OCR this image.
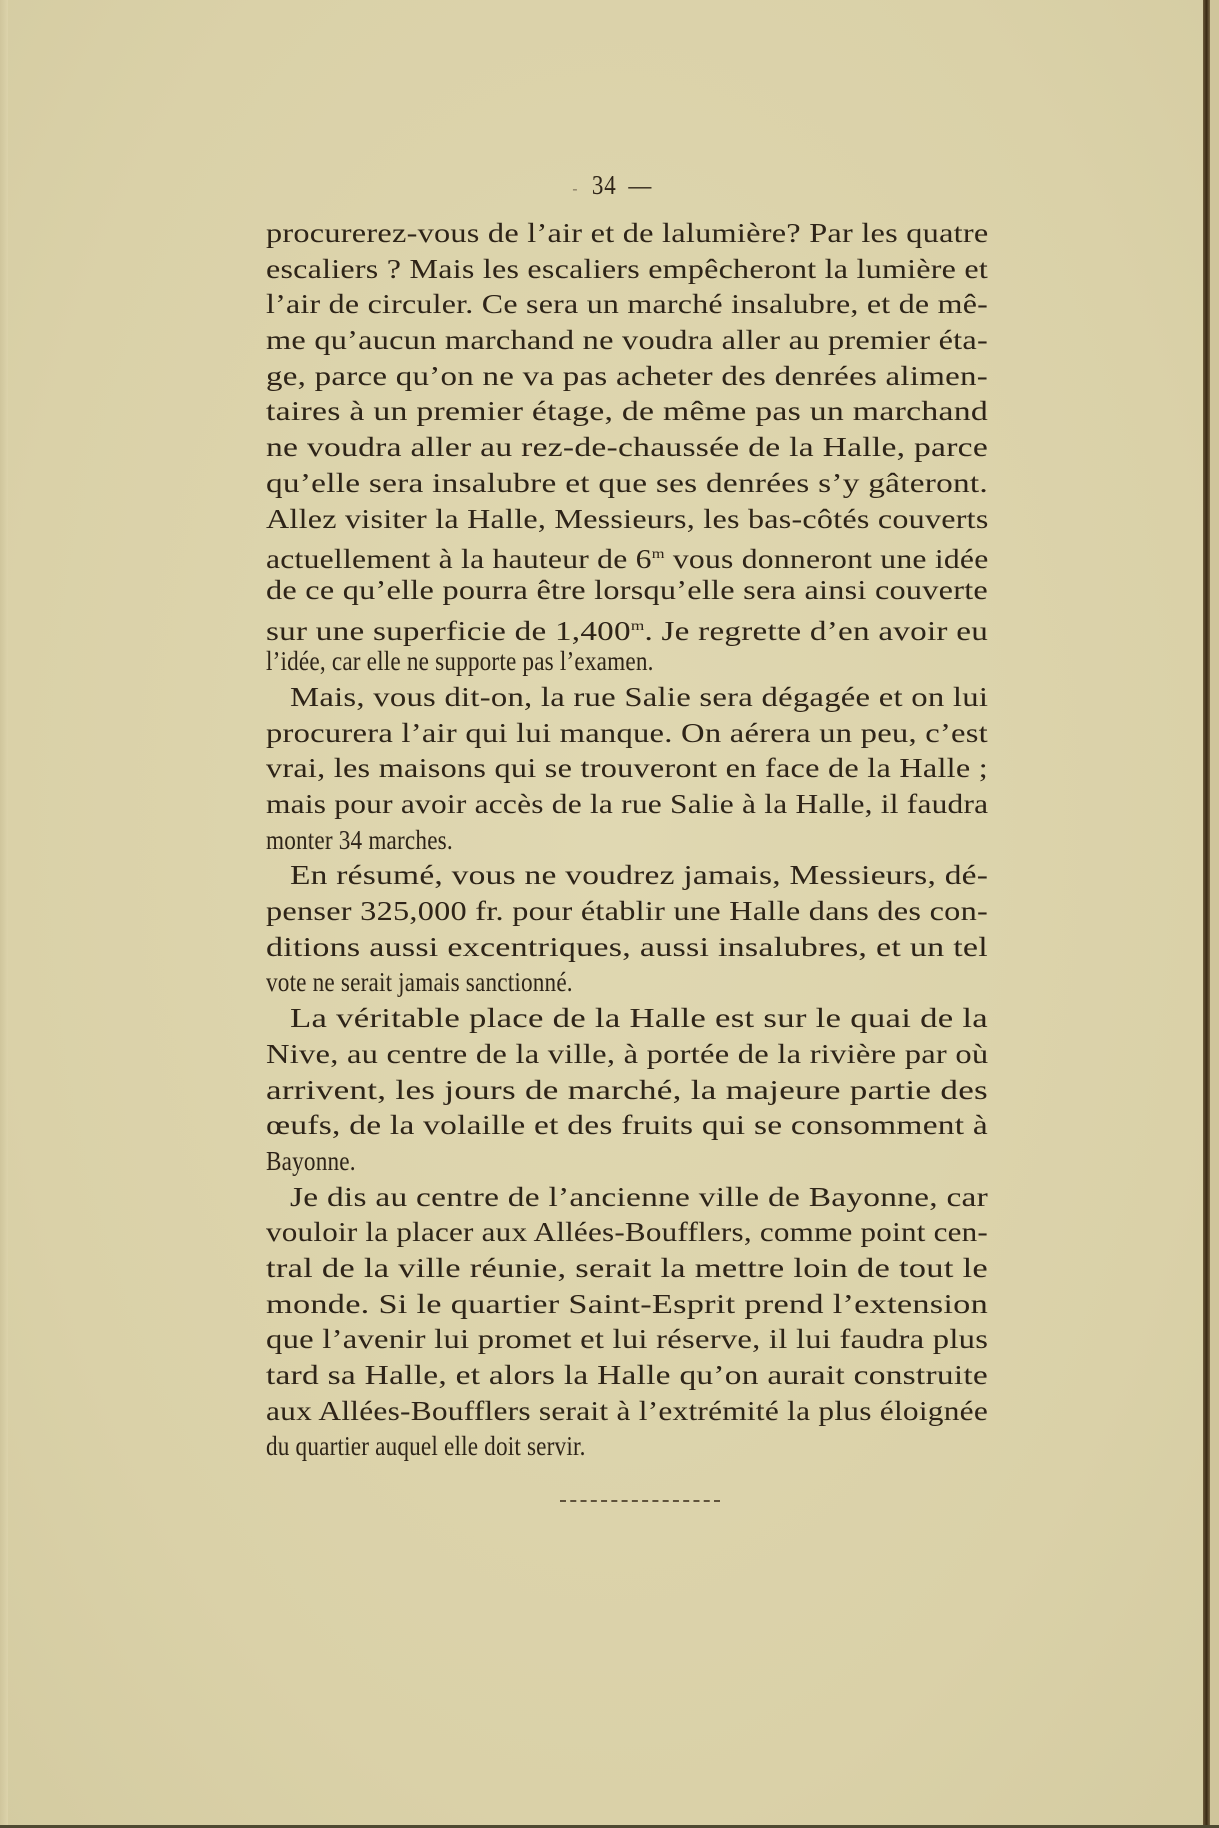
- 34 —
procurerez-vous de l’air et de lalumière? Par les quatre
escaliers ? Mais les escaliers empêcheront la lumière et
l’air de circuler. Ce sera un marché insalubre, et de mê-
me qu’aucun marchand ne voudra aller au premier éta-
ge, parce qu’on ne va pas acheter des denrées alimen-
taires à un premier étage, de même pas un marchand
ne voudra aller au rez-de-chaussée de la Halle, parce
qu’elle sera insalubre et que ses denrées s’y gâteront.
Allez visiter la Halle, Messieurs, les bas-côtés couverts
actuellement à la hauteur de 6$^m$ vous donneront une idée
de ce qu’elle pourra être lorsqu’elle sera ainsi couverte
sur une superficie de 1,400$^m$. Je regrette d’en avoir eu
l’idée, car elle ne supporte pas l’examen.
Mais, vous dit-on, la rue Salie sera dégagée et on lui
procurera l’air qui lui manque. On aérera un peu, c’est
vrai, les maisons qui se trouveront en face de la Halle ;
mais pour avoir accès de la rue Salie à la Halle, il faudra
monter 34 marches.
En résumé, vous ne voudrez jamais, Messieurs, dé-
penser 325,000 fr. pour établir une Halle dans des con-
ditions aussi excentriques, aussi insalubres, et un tel
vote ne serait jamais sanctionné.
La véritable place de la Halle est sur le quai de la
Nive, au centre de la ville, à portée de la rivière par où
arrivent, les jours de marché, la majeure partie des
œufs, de la volaille et des fruits qui se consomment à
Bayonne.
Je dis au centre de l’ancienne ville de Bayonne, car
vouloir la placer aux Allées-Boufflers, comme point cen-
tral de la ville réunie, serait la mettre loin de tout le
monde. Si le quartier Saint-Esprit prend l’extension
que l’avenir lui promet et lui réserve, il lui faudra plus
tard sa Halle, et alors la Halle qu’on aurait construite
aux Allées-Boufflers serait à l’extrémité la plus éloignée
du quartier auquel elle doit servir.
